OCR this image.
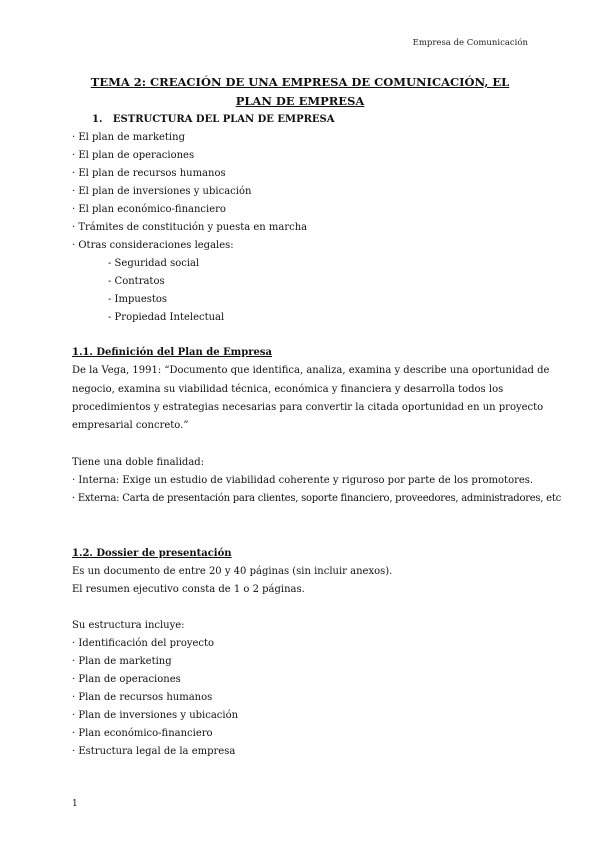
Empresa de Comunicación
TEMA 2: CREACIÓN DE UNA EMPRESA DE COMUNICACIÓN, EL PLAN DE EMPRESA
1. ESTRUCTURA DEL PLAN DE EMPRESA
· El plan de marketing
· El plan de operaciones
· El plan de recursos humanos
· El plan de inversiones y ubicación
· El plan económico-financiero
· Trámites de constitución y puesta en marcha
· Otras consideraciones legales:
- Seguridad social
- Contratos
- Impuestos
- Propiedad Intelectual
1.1. Definición del Plan de Empresa
De la Vega, 1991: “Documento que identifica, analiza, examina y describe una oportunidad de
negocio, examina su viabilidad técnica, económica y financiera y desarrolla todos los
procedimientos y estrategias necesarias para convertir la citada oportunidad en un proyecto
empresarial concreto.”
Tiene una doble finalidad:
· Interna: Exige un estudio de viabilidad coherente y riguroso por parte de los promotores.
· Externa: Carta de presentación para clientes, soporte financiero, proveedores, administradores, etc
1.2. Dossier de presentación
Es un documento de entre 20 y 40 páginas (sin incluir anexos).
El resumen ejecutivo consta de 1 o 2 páginas.
Su estructura incluye:
· Identificación del proyecto
· Plan de marketing
· Plan de operaciones
· Plan de recursos humanos
· Plan de inversiones y ubicación
· Plan económico-financiero
· Estructura legal de la empresa
1
